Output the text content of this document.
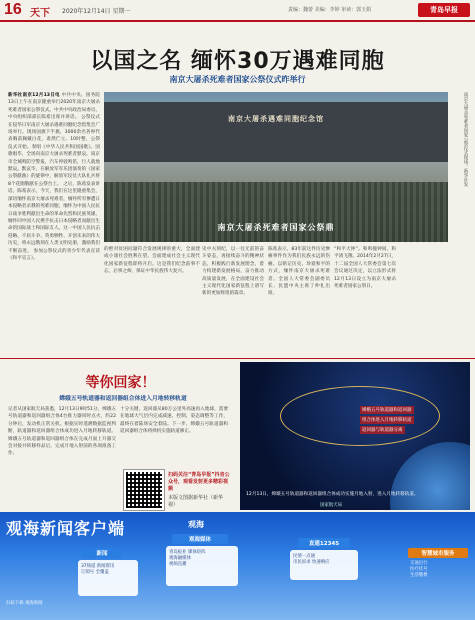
16 天下 2020年12月14日 星期一	责编：魏蕾 美编：李婷 审读：郭玉娟	青岛早报
以国之名 缅怀30万遇难同胞
南京大屠杀死难者国家公祭仪式昨举行
新华社南京12月13日电 中共中央、国务院13日上午在南京隆重举行2020年南京大屠杀死难者国家公祭仪式。中共中央政治局委员、中央组织部部长陈希出席并讲话。 公祭仪式在侵华日军南京大屠杀遇难同胞纪念馆集会广场举行。现场国旗下半旗，3000余名各界代表胸前佩戴白花，肃然伫立。10时整，公祭仪式开始。奏唱《中华人民共和国国歌》。国歌唱毕，全场向南京大屠杀死难者默哀。南京市全城鸣防空警报，汽车停驶鸣笛，行人就地默哀。默哀毕，在解放军军乐团演奏的《国家公祭献曲》的旋律中，解放军仪仗大队礼兵将8个花圈敬献在公祭台上。 之后，陈希发表讲话。陈希表示，今天，我们在这里隆重集会，深切缅怀南京大屠杀死难者，缅怀所有惨遭日本侵略者杀戮的死难同胞，缅怀为中国人民抗日战争胜利献出生命的革命先烈和民族英雄，缅怀同中国人民携手抗击日本侵略者而献出生命的国际战士和国际友人。这一中国人民抗击侵略、不屈斗争、英勇牺牲、开创未来的伟大历史，将永远镌刻在人类文明史册，激励我们不断奋进。 参加公祭仪式的青少年代表宣读《和平宣言》。
南京大屠杀遇难同胞纪念馆
南京大屠杀死难者国家公祭鼎
南京大屠杀死难者国家公祭仪式现场。新华社发
的绝对贫困问题符合发展规律的重大，全面建成小康社会胜利在望。会面建成社会主义现代化国家新征程即将开启。这是我们纪念前事不忘，后事之师，保证中华民族伟大复兴。
史中夫刻纪，以一往无前的奋斗姿态，再接续奋斗的精神状态，积极践行新发展理念，着力构建新发展格局，奋力推动高质量发展，在全面建设社会主义现代化国家新征程上谱写新的更加辉煌的篇章。
陈希表示，83年前这件历史惨痛事件作为我们民族永远的伤痛。以铭记历史、珍爱和平的方式，缅怀南京大屠杀死难者。全国人大常委会副委员长、民盟中央主席丁仲礼出席。
“和平大钟”。和鸣撞钟间，和平鸽飞翔。2014年2月27日，十二届全国人大常委会第七次会议通过决定，以立法形式将12月13日设立为南京大屠杀死难者国家公祭日。
等你回家！
嫦娥五号轨道器和返回器组合体进入月地转移轨道
记者从国家航天局获悉，12月13日9时51分，嫦娥五号轨道器和返回器组合体4台推力器同时点火，约22分钟后，发动机正常关机。根据实时遥测数据监视判断，轨道器和返回器组合体成功进入月地转移轨道。 嫦娥五号轨道器和返回器组合体在完成月面上升器交会对接并转移样品后，完成月地入射前的各项准备工作。
十分关键。返回器从80万公里外高速再入地球，需要在地球大气层内完成减速、控制、姿态调整等工作，最终在着陆场安全着陆。下一步，嫦娥五号轨道器和返回器组合体将择机实施轨道修正。
扫码关注“青岛早报”抖音公众号，观看发射更多精彩视频
本版文图据新华社（新华视）
嫦娥五号轨道器和返回器
组合体进入月地转移轨道
返回器与轨道器分离
12月13日，嫦娥五号轨道器和返回器组合体成功实施月地入射，进入月地转移轨道。
国家航天局
观海新闻客户端	观海
新闻
37频道 新闻资讯
订阅号 全覆盖
观海媒体
青岛报业 媒体矩阵
观海融媒体
视频直播
直通12345
民情一点通
市民诉求 快速响应
智慧城市服务
交通出行
医疗挂号
生活缴费
扫码下载 观海新闻
